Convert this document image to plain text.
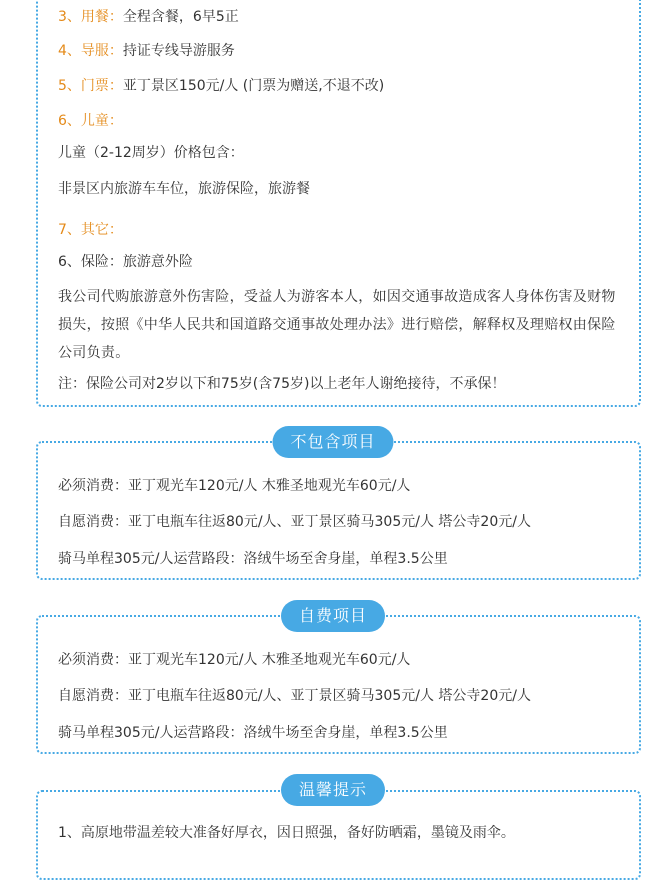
3、用餐：全程含餐，6早5正
4、导服：持证专线导游服务
5、门票：亚丁景区150元/人 (门票为赠送,不退不改)
6、儿童：
儿童（2-12周岁）价格包含：
非景区内旅游车车位，旅游保险，旅游餐
7、其它：
6、保险：旅游意外险
我公司代购旅游意外伤害险，受益人为游客本人，如因交通事故造成客人身体伤害及财物损失，按照《中华人民共和国道路交通事故处理办法》进行赔偿，解释权及理赔权由保险公司负责。
注：保险公司对2岁以下和75岁(含75岁)以上老年人谢绝接待，不承保！
不包含项目
必须消费：亚丁观光车120元/人 木雅圣地观光车60元/人
自愿消费：亚丁电瓶车往返80元/人、亚丁景区骑马305元/人 塔公寺20元/人
骑马单程305元/人运营路段：洛绒牛场至舍身崖，单程3.5公里
自费项目
必须消费：亚丁观光车120元/人 木雅圣地观光车60元/人
自愿消费：亚丁电瓶车往返80元/人、亚丁景区骑马305元/人 塔公寺20元/人
骑马单程305元/人运营路段：洛绒牛场至舍身崖，单程3.5公里
温馨提示
1、高原地带温差较大准备好厚衣，因日照强，备好防晒霜，墨镜及雨伞。
